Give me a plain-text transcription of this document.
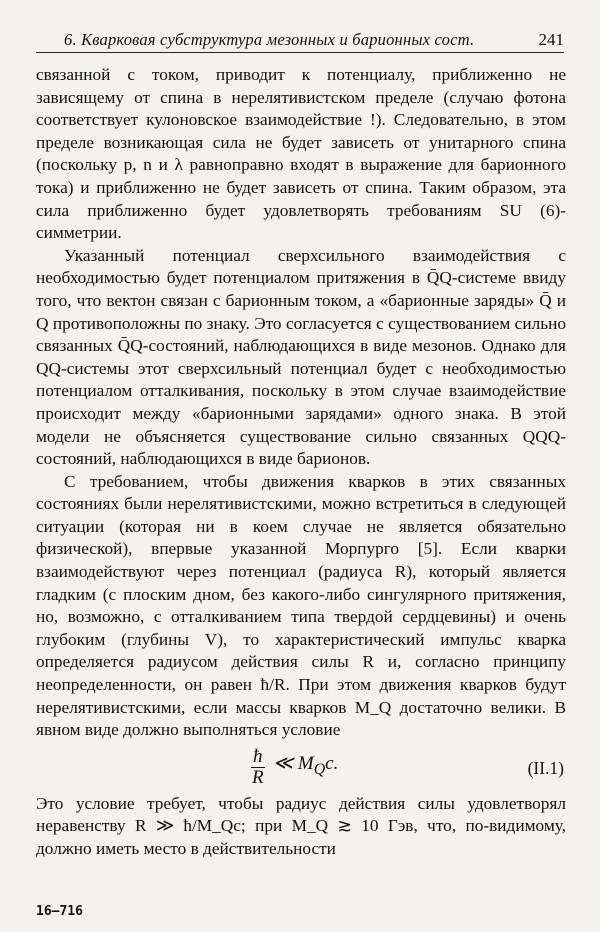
6. Кварковая субструктура мезонных и барионных сост.	241

связанной с током, приводит к потенциалу, приближенно не зависящему от спина в нерелятивистском пределе (случаю фотона соответствует кулоновское взаимодействие !). Следовательно, в этом пределе возникающая сила не будет зависеть от унитарного спина (поскольку p, n и λ равноправно входят в выражение для барионного тока) и приближенно не будет зависеть от спина. Таким образом, эта сила приближенно будет удовлетворять требованиям SU (6)-симметрии.

Указанный потенциал сверхсильного взаимодействия с необходимостью будет потенциалом притяжения в Q̄Q-системе ввиду того, что вектон связан с барионным током, а «барионные заряды» Q̄ и Q противоположны по знаку. Это согласуется с существованием сильно связанных Q̄Q-состояний, наблюдающихся в виде мезонов. Однако для QQ-системы этот сверхсильный потенциал будет с необходимостью потенциалом отталкивания, поскольку в этом случае взаимодействие происходит между «барионными зарядами» одного знака. В этой модели не объясняется существование сильно связанных QQQ-состояний, наблюдающихся в виде барионов.

С требованием, чтобы движения кварков в этих связанных состояниях были нерелятивистскими, можно встретиться в следующей ситуации (которая ни в коем случае не является обязательно физической), впервые указанной Морпурго [5]. Если кварки взаимодействуют через потенциал (радиуса R), который является гладким (с плоским дном, без какого-либо сингулярного притяжения, но, возможно, с отталкиванием типа твердой сердцевины) и очень глубоким (глубины V), то характеристический импульс кварка определяется радиусом действия силы R и, согласно принципу неопределенности, он равен ħ/R. При этом движения кварков будут нерелятивистскими, если массы кварков M_Q достаточно велики. В явном виде должно выполняться условие

$\frac{ħ}{R}$ ≪ $M_Qc$.	(II.1)

Это условие требует, чтобы радиус действия силы удовлетворял неравенству R ≫ ħ/M_Qc; при M_Q ≳ 10 Гэв, что, по-видимому, должно иметь место в действительности

16—716
